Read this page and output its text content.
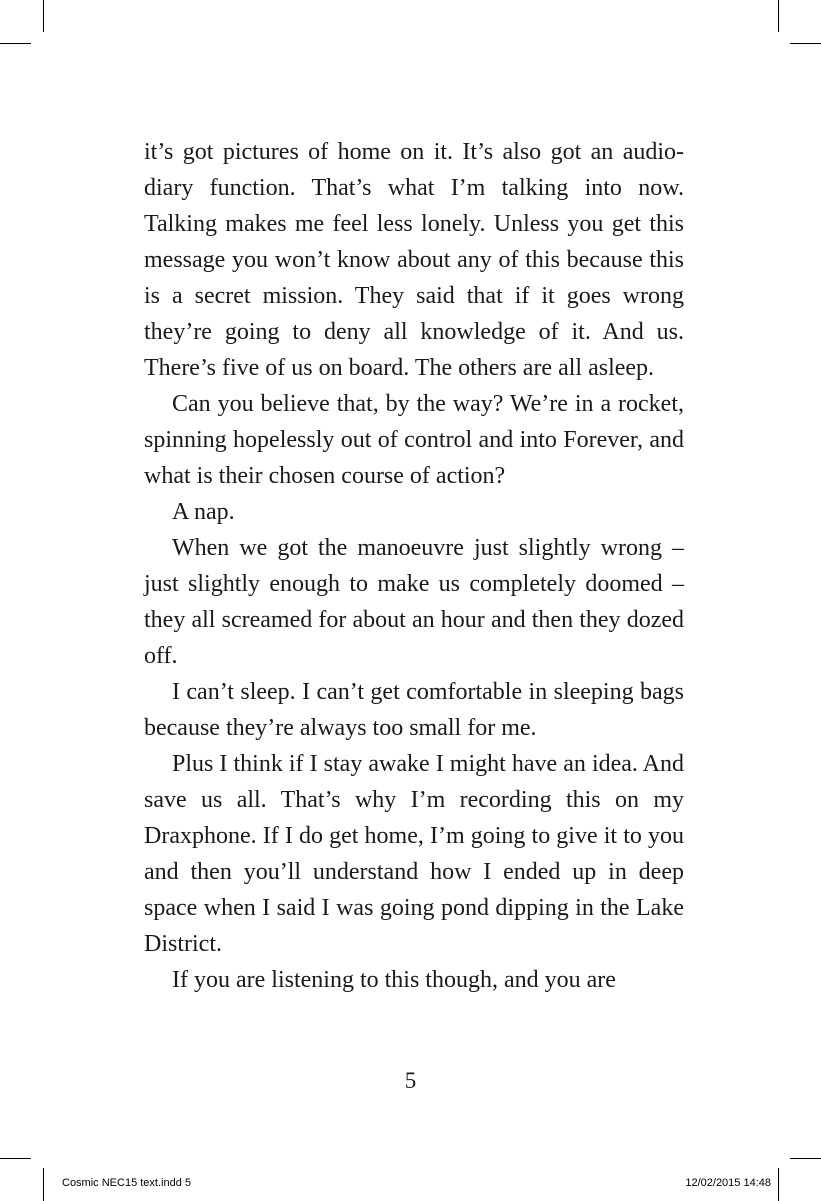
it’s got pictures of home on it. It’s also got an audio-diary function. That’s what I’m talking into now. Talking makes me feel less lonely. Unless you get this message you won’t know about any of this because this is a secret mission. They said that if it goes wrong they’re going to deny all knowledge of it. And us. There’s five of us on board. The others are all asleep.

Can you believe that, by the way? We’re in a rocket, spinning hopelessly out of control and into Forever, and what is their chosen course of action?

A nap.

When we got the manoeuvre just slightly wrong – just slightly enough to make us completely doomed – they all screamed for about an hour and then they dozed off.

I can’t sleep. I can’t get comfortable in sleeping bags because they’re always too small for me.

Plus I think if I stay awake I might have an idea. And save us all. That’s why I’m recording this on my Draxphone. If I do get home, I’m going to give it to you and then you’ll understand how I ended up in deep space when I said I was going pond dipping in the Lake District.

If you are listening to this though, and you are

5
Cosmic NEC15 text.indd 5	12/02/2015 14:48
